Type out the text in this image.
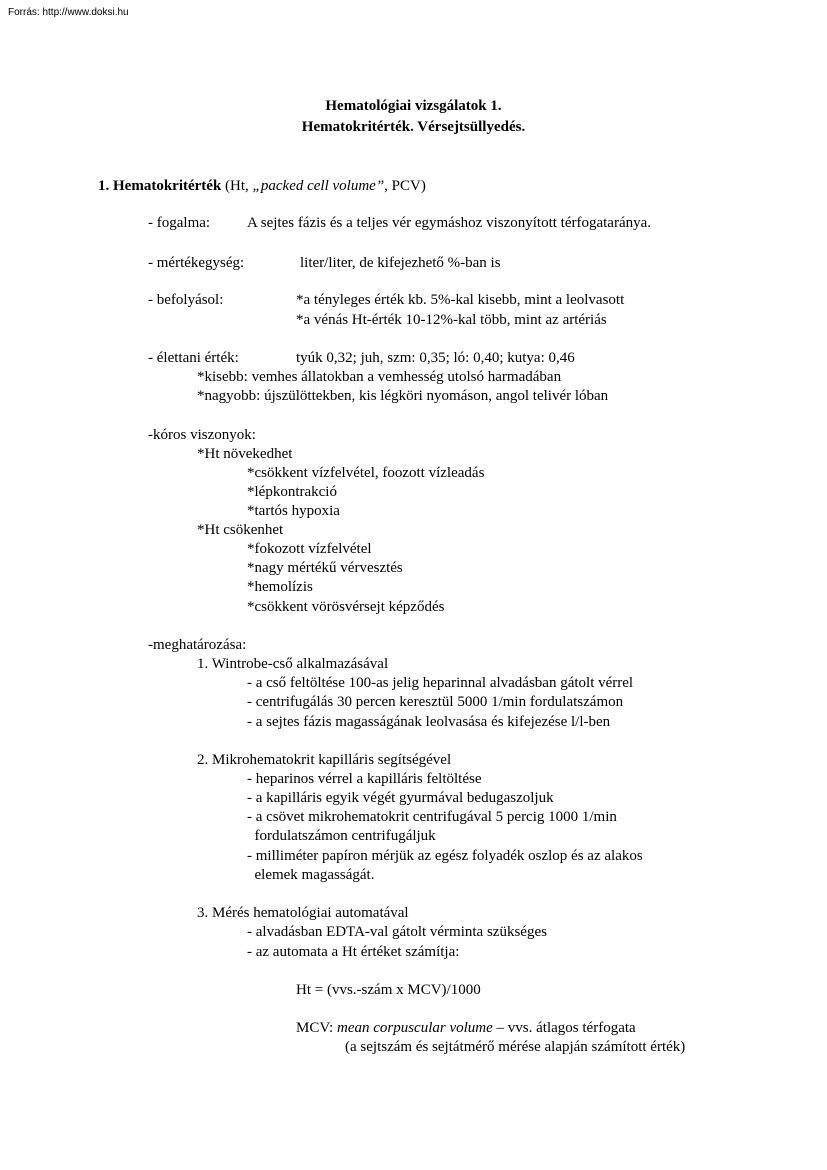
Forrás: http://www.doksi.hu
Hematológiai vizsgálatok 1.
Hematokritérték. Vérsejtsüllyedés.
1. Hematokritérték (Ht, „packed cell volume”, PCV)
- fogalma: A sejtes fázis és a teljes vér egymáshoz viszonyított térfogataránya.
- mértékegység:	liter/liter, de kifejezhető %-ban is
- befolyásol:	*a tényleges érték kb. 5%-kal kisebb, mint a leolvasott
*a vénás Ht-érték 10-12%-kal több, mint az artériás
- élettani érték:	tyúk 0,32; juh, szm: 0,35; ló: 0,40; kutya: 0,46
*kisebb: vemhes állatokban a vemhesség utolsó harmadában
*nagyobb: újszülöttekben, kis légköri nyomáson, angol telivér lóban
-kóros viszonyok:
*Ht növekedhet
*csökkent vízfelvétel, foozott vízleadás
*lépkontrakció
*tartós hypoxia
*Ht csökenhet
*fokozott vízfelvétel
*nagy mértékű vérvesztés
*hemolízis
*csökkent vörösvérsejt képződés
-meghatározása:
1. Wintrobe-cső alkalmazásával
- a cső feltöltése 100-as jelig heparinnal alvadásban gátolt vérrel
- centrifugálás 30 percen keresztül 5000 1/min fordulatszámon
- a sejtes fázis magasságának leolvasása és kifejezése l/l-ben
2. Mikrohematokrit kapilláris segítségével
- heparinos vérrel a kapilláris feltöltése
- a kapilláris egyik végét gyurmával bedugaszoljuk
- a csövet mikrohematokrit centrifugával 5 percig 1000 1/min
fordulatszámon centrifugáljuk
- milliméter papíron mérjük az egész folyadék oszlop és az alakos
elemek magasságát.
3. Mérés hematológiai automatával
- alvadásban EDTA-val gátolt vérminta szükséges
- az automata a Ht értéket számítja:
Ht = (vvs.-szám x MCV)/1000
MCV: mean corpuscular volume – vvs. átlagos térfogata
(a sejtszám és sejtátmérő mérése alapján számított érték)
